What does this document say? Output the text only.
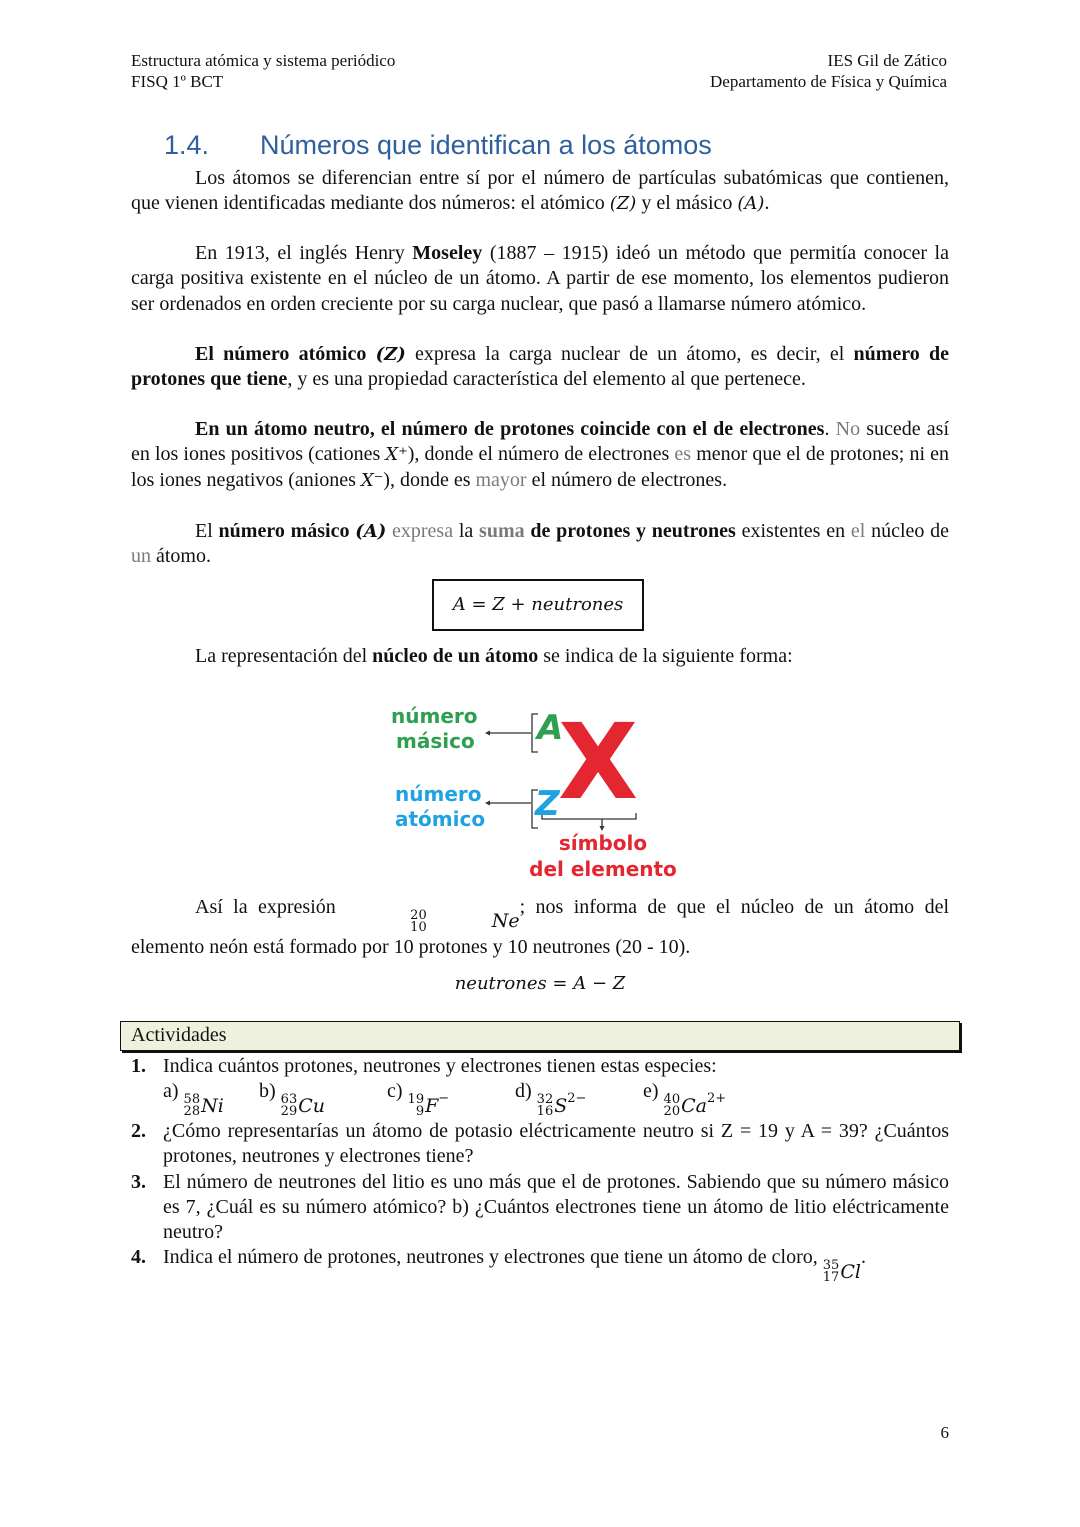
Estructura atómica y sistema periódico
FISQ 1º BCT
IES Gil de Zático
Departamento de Física y Química
1.4. Números que identifican a los átomos
Los átomos se diferencian entre sí por el número de partículas subatómicas que contienen, que vienen identificadas mediante dos números: el atómico (Z) y el másico (A).
En 1913, el inglés Henry Moseley (1887 – 1915) ideó un método que permitía conocer la carga positiva existente en el núcleo de un átomo. A partir de ese momento, los elementos pudieron ser ordenados en orden creciente por su carga nuclear, que pasó a llamarse número atómico.
El número atómico (Z) expresa la carga nuclear de un átomo, es decir, el número de protones que tiene, y es una propiedad característica del elemento al que pertenece.
En un átomo neutro, el número de protones coincide con el de electrones. No sucede así en los iones positivos (cationes X⁺), donde el número de electrones es menor que el de protones; ni en los iones negativos (aniones X⁻), donde es mayor el número de electrones.
El número másico (A) expresa la suma de protones y neutrones existentes en el núcleo de un átomo.
A = Z + neutrones
La representación del núcleo de un átomo se indica de la siguiente forma:
número
másico
número
atómico
A
Z
X
símbolo
del elemento
Así la expresión	20
10	Ne
; nos informa de que el núcleo de un átomo del elemento neón está formado por 10 protones y 10 neutrones (20 - 10).
neutrones = A − Z
Actividades
1. Indica cuántos protones, neutrones y electrones tienen estas especies:
a) 58
28 Ni
b) 63
29 Cu
c) 19
9 F −	d) 32
16 S 2−	e) 40
20 Ca 2+
2. ¿Cómo representarías un átomo de potasio eléctricamente neutro si Z = 19 y A = 39? ¿Cuántos protones, neutrones y electrones tiene?
3. El número de neutrones del litio es uno más que el de protones. Sabiendo que su número másico es 7, ¿Cuál es su número atómico? b) ¿Cuántos electrones tiene un átomo de litio eléctricamente neutro?
4. Indica el número de protones, neutrones y electrones que tiene un átomo de cloro, 35
17 Cl
.
6
